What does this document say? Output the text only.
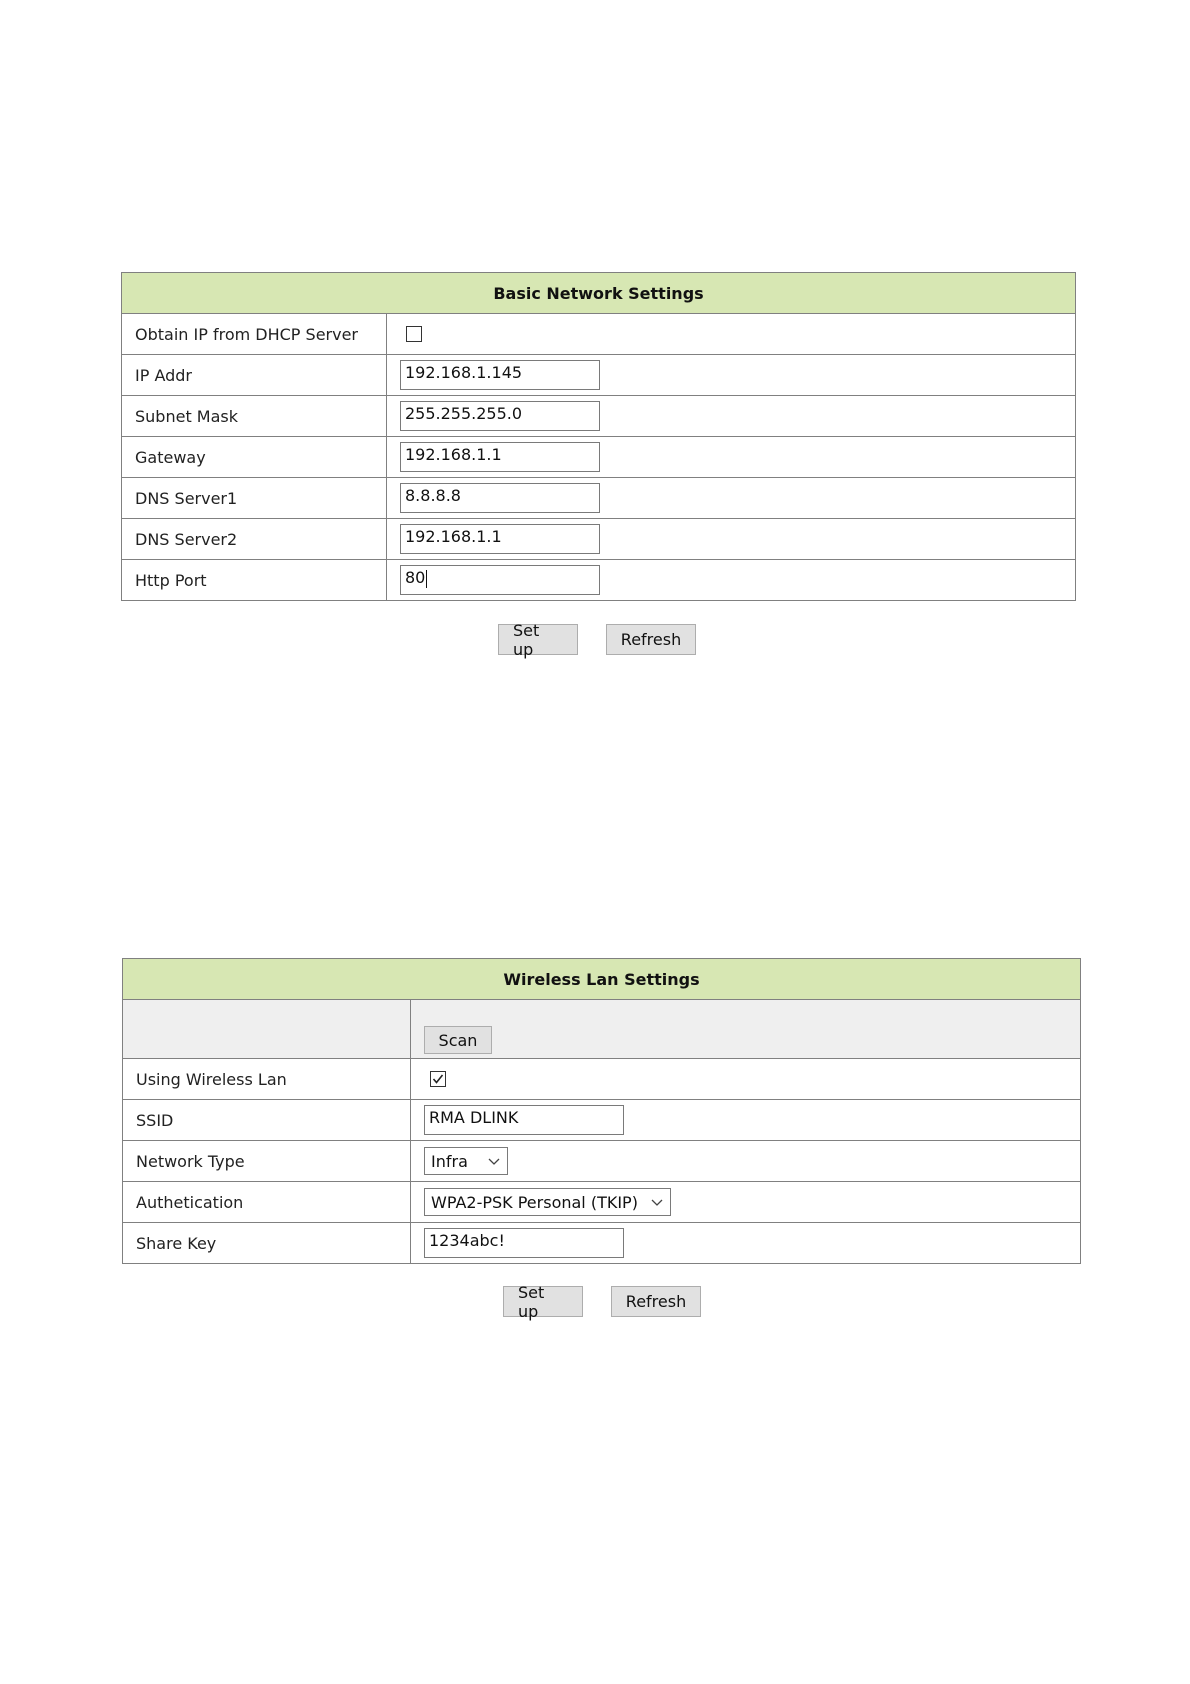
Basic Network Settings	
Obtain IP from DHCP Server	
IP Addr	192.168.1.145
Subnet Mask	255.255.255.0
Gateway	192.168.1.1
DNS Server1	8.8.8.8
DNS Server2	192.168.1.1
Http Port	80
Set up	Refresh
Wireless Lan Settings	
	Scan
Using Wireless Lan	

SSID	RMA DLINK
Network Type	Infra

Authetication	WPA2-PSK Personal (TKIP)

Share Key	1234abc!
Set up	Refresh
